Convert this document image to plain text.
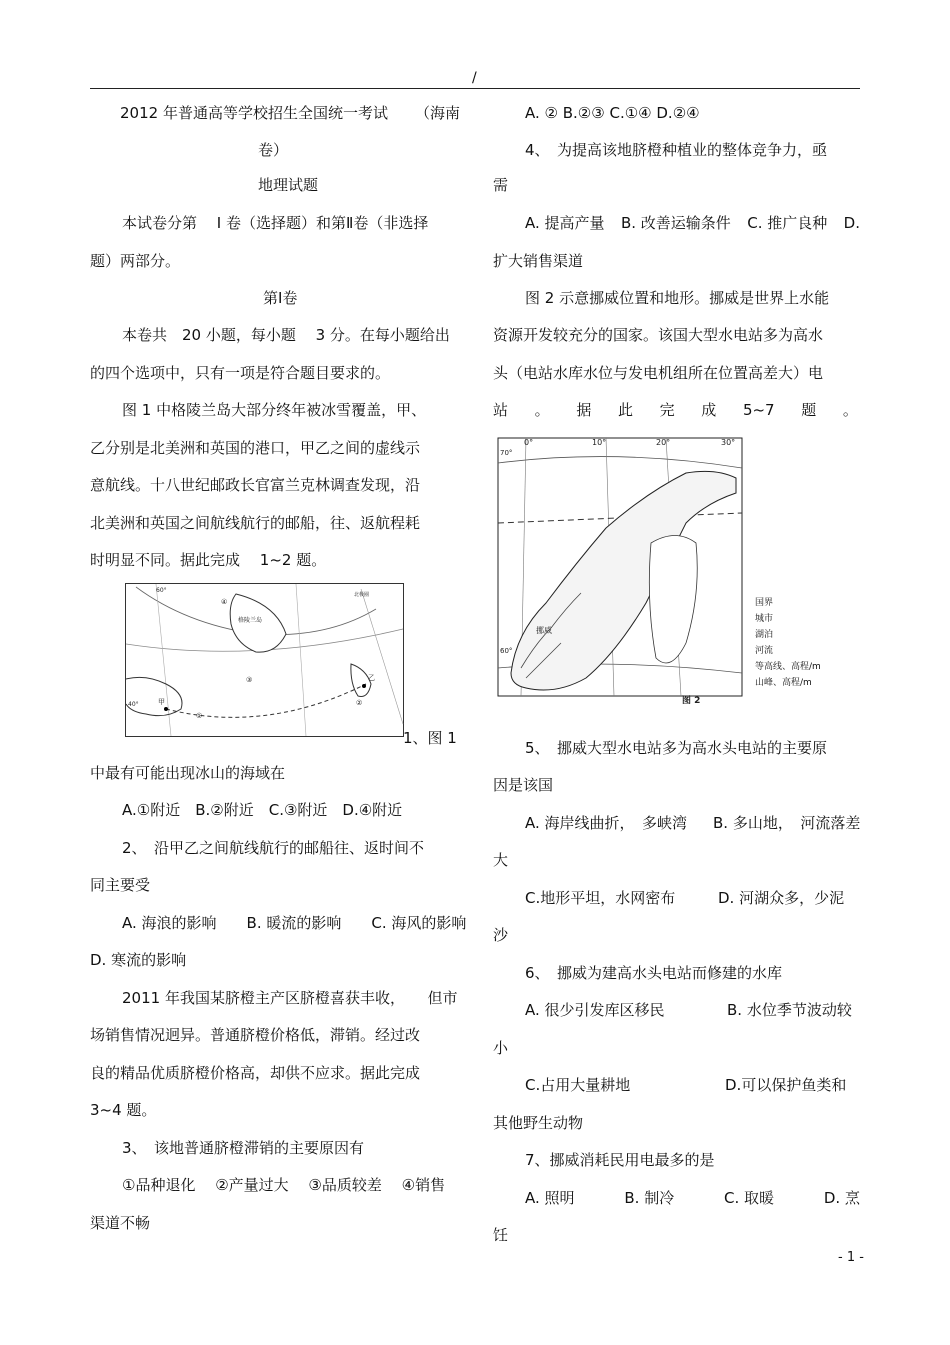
/
2012 年普通高等学校招生全国统一考试 （海南
卷）
地理试题
本试卷分第　 I 卷（选择题）和第Ⅱ卷（非选择
题）两部分。
第Ⅰ卷
本卷共　20 小题，每小题　 3 分。在每小题给出
的四个选项中，只有一项是符合题目要求的。
图 1 中格陵兰岛大部分终年被冰雪覆盖，甲、
乙分别是北美洲和英国的港口，甲乙之间的虚线示
意航线。十八世纪邮政长官富兰克林调查发现，沿
北美洲和英国之间航线航行的邮船，往、返航程耗
时明显不同。据此完成　 1~2 题。
格陵兰岛
北极圈
60°
40°	甲
乙
①
②
③
④
1、图 1
中最有可能出现冰山的海域在
A.①附近　B.②附近　C.③附近　D.④附近
2、　沿甲乙之间航线航行的邮船往、返时间不
同主要受
A. 海浪的影响　　B. 暖流的影响　　C. 海风的影响
D. 寒流的影响
2011 年我国某脐橙主产区脐橙喜获丰收，　　但市
场销售情况迥异。普通脐橙价格低，滞销。经过改
良的精品优质脐橙价格高，却供不应求。据此完成
3~4 题。
3、　该地普通脐橙滞销的主要原因有
①品种退化　 ②产量过大　 ③品质较差　 ④销售
渠道不畅
A. ② B.②③ C.①④ D.②④
4、　为提高该地脐橙种植业的整体竞争力，亟
需
A. 提高产量 B. 改善运输条件 C. 推广良种 D.
扩大销售渠道
图 2 示意挪威位置和地形。挪威是世界上水能
资源开发较充分的国家。该国大型水电站多为高水
头（电站水库水位与发电机组所在位置高差大）电
站 。 据 此 完 成 5~7 题 。
0°	10°	20°	30°
70°
60°
挪威
图 2
国界
城市
湖泊
河流
等高线、高程/m
山峰、高程/m
5、　挪威大型水电站多为高水头电站的主要原
因是该国
A. 海岸线曲折，　多峡湾 B. 多山地，　河流落差
大
C.地形平坦，水网密布	D. 河湖众多，少泥
沙
6、　挪威为建高水头电站而修建的水库
A. 很少引发库区移民	B. 水位季节波动较
小
C.占用大量耕地	D.可以保护鱼类和
其他野生动物
7、挪威消耗民用电最多的是
A. 照明	B. 制冷	C. 取暖	D. 烹
饪
- 1 -
